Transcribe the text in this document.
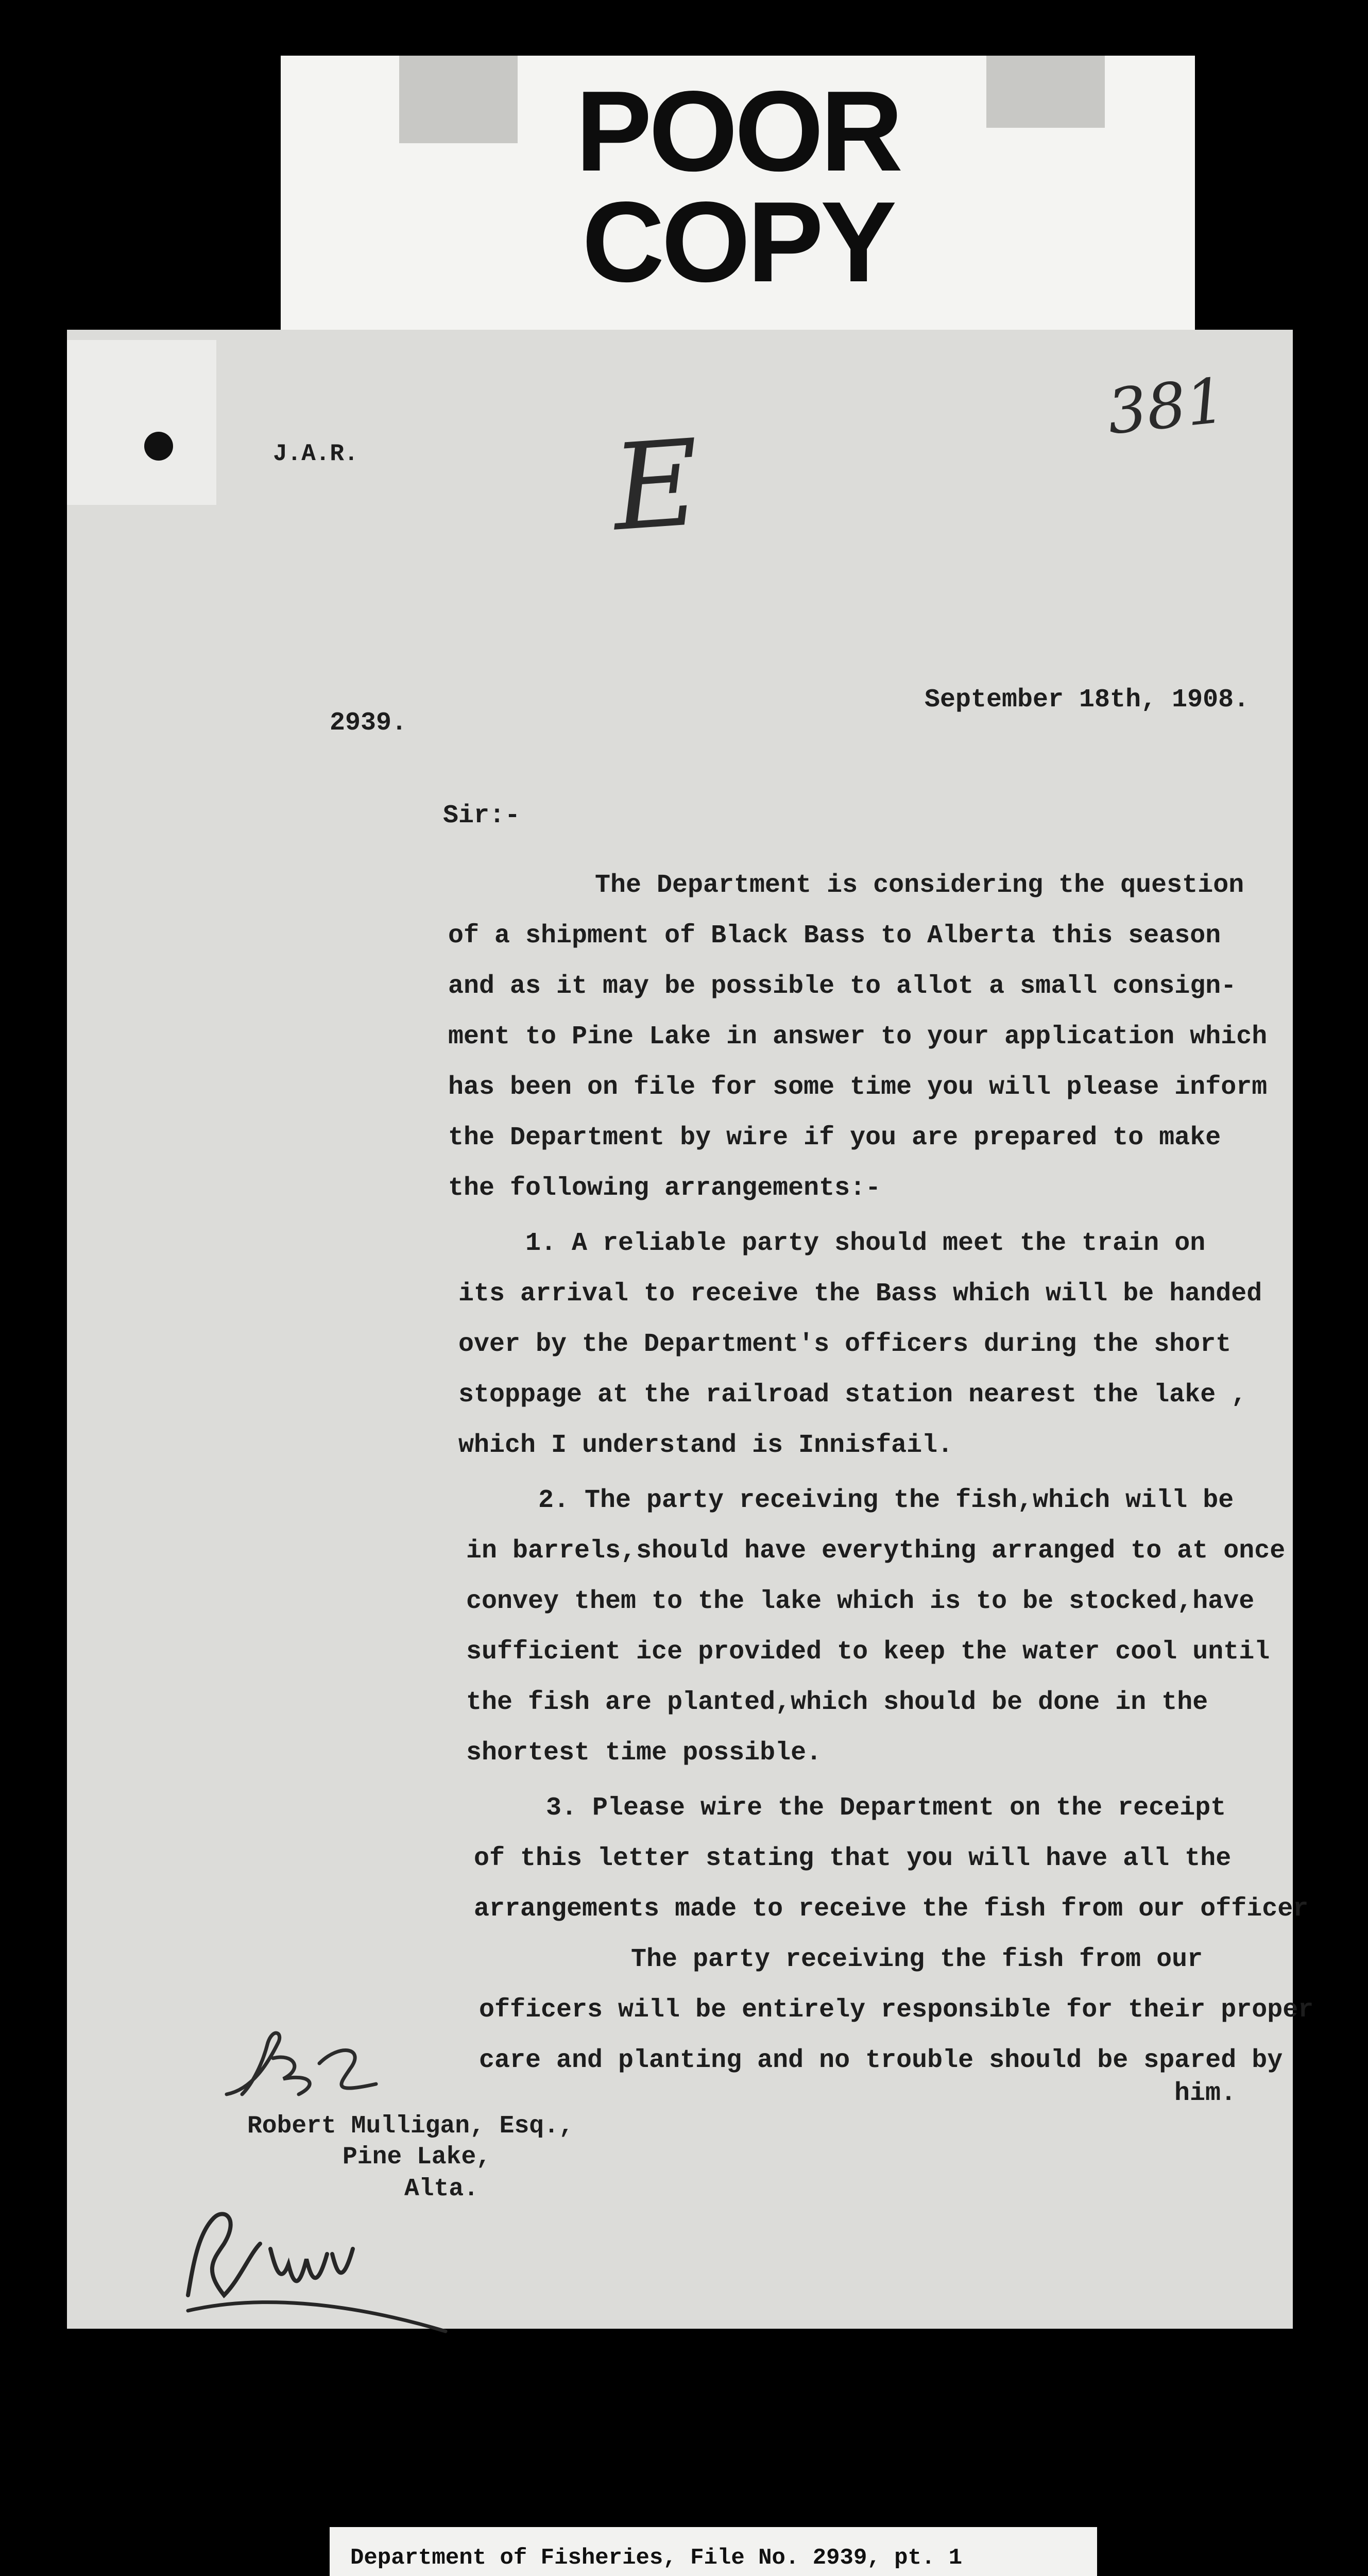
POOR
COPY
J.A.R.
381
E
2939.
September 18th, 1908.
Sir:-
The Department is considering the question
of a shipment of Black Bass to Alberta this season
and as it may be possible to allot a small consign-
ment to Pine Lake in answer to your application which
has been on file for some time you will please inform
the Department by wire if you are prepared to make
the following arrangements:-
1. A reliable party should meet the train on
its arrival to receive the Bass which will be handed
over by the Department's officers during the short
stoppage at the railroad station nearest the lake ,
which I understand is Innisfail.
2. The party receiving the fish,which will be
in barrels,should have everything arranged to at once
convey them to the lake which is to be stocked,have
sufficient ice provided to keep the water cool until
the fish are planted,which should be done in the
shortest time possible.
3. Please wire the Department on the receipt
of this letter stating that you will have all the
arrangements made to receive the fish from our officer
The party receiving the fish from our
officers will be entirely responsible for their proper
care and planting and no trouble should be spared by
him.
Robert Mulligan, Esq.,
Pine Lake,
Alta.
Department of Fisheries, File No. 2939, pt. 1
